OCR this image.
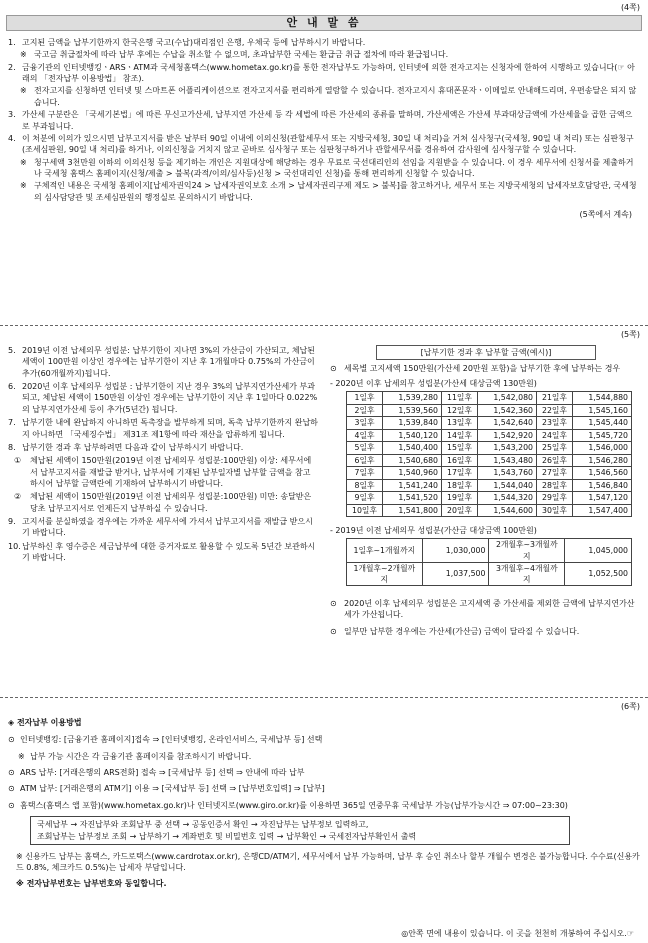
(4쪽)
안 내 말 씀
1. 고지된 금액을 납부기한까지 한국은행 국고(수납)대리점인 은행, 우체국 등에 납부하시기 바랍니다.
※ 국고금 취급절차에 따라 납부 후에는 수납을 취소할 수 없으며, 초과납부한 국세는 환급금 취급 절차에 따라 환급됩니다.
2. 금융기관의 인터넷뱅킹ㆍARSㆍATM과 국세청홈택스(www.hometax.go.kr)를 통한 전자납부도 가능하며, 인터넷에 의한 전자고지는 신청자에 한하여 시행하고 있습니다(☞ 아래의 「전자납부 이용방법」 참조).
※ 전자고지를 신청하면 인터넷 및 스마트폰 어플리케이션으로 전자고지서를 편리하게 열람할 수 있습니다. 전자고지시 휴대폰문자ㆍ이메일로 안내해드리며, 우편송달은 되지 않습니다.
3. 가산세 구분란은 「국세기본법」에 따른 무신고가산세, 납부지연 가산세 등 각 세법에 따른 가산세의 종류를 말하며, 가산세액은 가산세 부과대상금액에 가산세율을 곱한 금액으로 부과됩니다.
4. 이 처분에 이의가 있으시면 납부고지서를 받은 날부터 90일 이내에 이의신청(관할세무서 또는 지방국세청, 30일 내 처리)을 거쳐 심사청구(국세청, 90일 내 처리) 또는 심판청구(조세심판원, 90일 내 처리)를 하거나, 이의신청을 거치지 않고 곧바로 심사청구 또는 심판청구하거나 관할세무서를 경유하여 감사원에 심사청구할 수 있습니다.
※ 청구세액 3천만원 이하의 이의신청 등을 제기하는 개인은 지원대상에 해당하는 경우 무료로 국선대리인의 선임을 지원받을 수 있습니다. 이 경우 세무서에 신청서를 제출하거나 국세청 홈택스 홈페이지(신청/제출 > 불복(과적/이의/심사등)신청 > 국선대리인 신청)를 통해 편리하게 신청할 수 있습니다.
※ 구체적인 내용은 국세청 홈페이지[납세자권익24 > 납세자권익보호 소개 > 납세자권리구제 제도 > 불복]를 참고하거나, 세무서 또는 지방국세청의 납세자보호담당관, 국세청의 심사담당관 및 조세심판원의 행정실로 문의하시기 바랍니다.
(5쪽에서 계속)
(5쪽)
5. 2019년 이전 납세의무 성립분: 납부기한이 지나면 3%의 가산금이 가산되고, 체납된 세액이 100만원 이상인 경우에는 납부기한이 지난 후 1개월마다 0.75%의 가산금이 추가(60개월까지)됩니다.
6. 2020년 이후 납세의무 성립분 : 납부기한이 지난 경우 3%의 납부지연가산세가 부과되고, 체납된 세액이 150만원 이상인 경우에는 납부기한이 지난 후 1일마다 0.022%의 납부지연가산세 등이 추가(5년간) 됩니다.
7. 납부기한 내에 완납하지 아니하면 독촉장을 발부하게 되며, 독촉 납부기한까지 완납하지 아니하면 「국세징수법」 제31조 제1항에 따라 재산을 압류하게 됩니다.
8. 납부기한 경과 후 납부하려면 다음과 같이 납부하시기 바랍니다.
① 체납된 세액이 150만원(2019년 이전 납세의무 성립분:100만원) 이상: 세무서에서 납부고지서를 재발급 받거나, 납부서에 기재된 납부일자별 납부할 금액을 참고하시어 납부할 금액란에 기재하여 납부하시기 바랍니다.
② 체납된 세액이 150만원(2019년 이전 납세의무 성립분:100만원) 미만: 송달받은 당초 납부고지서로 언제든지 납부하실 수 있습니다.
9. 고지서를 분실하였을 경우에는 가까운 세무서에 가셔서 납부고지서를 재발급 받으시기 바랍니다.
10. 납부하신 후 영수증은 세금납부에 대한 증거자료로 활용할 수 있도록 5년간 보관하시기 바랍니다.
[납부기한 경과 후 납부할 금액(예시)]
⊙ 세목별 고지세액 150만원(가산세 20만원 포함)을 납부기한 후에 납부하는 경우
- 2020년 이후 납세의무 성립분(가산세 대상금액 130만원)
1일후	1,539,280	11일후	1,542,080	21일후	1,544,880
2일후	1,539,560	12일후	1,542,360	22일후	1,545,160
3일후	1,539,840	13일후	1,542,640	23일후	1,545,440
4일후	1,540,120	14일후	1,542,920	24일후	1,545,720
5일후	1,540,400	15일후	1,543,200	25일후	1,546,000
6일후	1,540,680	16일후	1,543,480	26일후	1,546,280
7일후	1,540,960	17일후	1,543,760	27일후	1,546,560
8일후	1,541,240	18일후	1,544,040	28일후	1,546,840
9일후	1,541,520	19일후	1,544,320	29일후	1,547,120
10일후	1,541,800	20일후	1,544,600	30일후	1,547,400
- 2019년 이전 납세의무 성립분(가산금 대상금액 100만원)
1일후~1개월까지	1,030,000	2개월후~3개월까지	1,045,000
1개월후~2개월까지	1,037,500	3개월후~4개월까지	1,052,500
⊙ 2020년 이후 납세의무 성립분은 고지세액 중 가산세를 제외한 금액에 납부지연가산세가 가산됩니다.
⊙ 일부만 납부한 경우에는 가산세(가산금) 금액이 달라질 수 있습니다.
(6쪽)
◈ 전자납부 이용방법
⊙ 인터넷뱅킹: [금융기관 홈페이지]접속 ⇒ [인터넷뱅킹, 온라인서비스, 국세납부 등] 선택
※ 납부 가능 시간은 각 금융기관 홈페이지를 참조하시기 바랍니다.
⊙ ARS 납부: [거래은행의 ARS전화] 접속 ⇒ [국세납부 등] 선택 ⇒ 안내에 따라 납부
⊙ ATM 납부: [거래은행의 ATM기] 이용 ⇒ [국세납부 등] 선택 ⇒ [납부번호입력] ⇒ [납부]
⊙ 홈택스(홈택스 앱 포함)(www.hometax.go.kr)나 인터넷지로(www.giro.or.kr)를 이용하면 365일 연중무휴 국세납부 가능(납부가능시간 ⇒ 07:00~23:30)
국세납부 → 자진납부와 조회납부 중 선택 → 공동인증서 확인 → 자진납부는 납부정보 입력하고,
조회납부는 납부정보 조회 → 납부하기 → 계좌번호 및 비밀번호 입력 → 납부확인 → 국세전자납부확인서 출력
※ 신용카드 납부는 홈택스, 카드로택스(www.cardrotax.or.kr), 은행CD/ATM기, 세무서에서 납부 가능하며, 납부 후 승인 취소나 할부 개월수 변경은 불가능합니다. 수수료(신용카드 0.8%, 체크카드 0.5%)는 납세자 부담입니다.
※ 전자납부번호는 납부번호와 동일합니다.
◎안쪽 면에 내용이 있습니다. 이 곳을 천천히 개봉하여 주십시오.☞
